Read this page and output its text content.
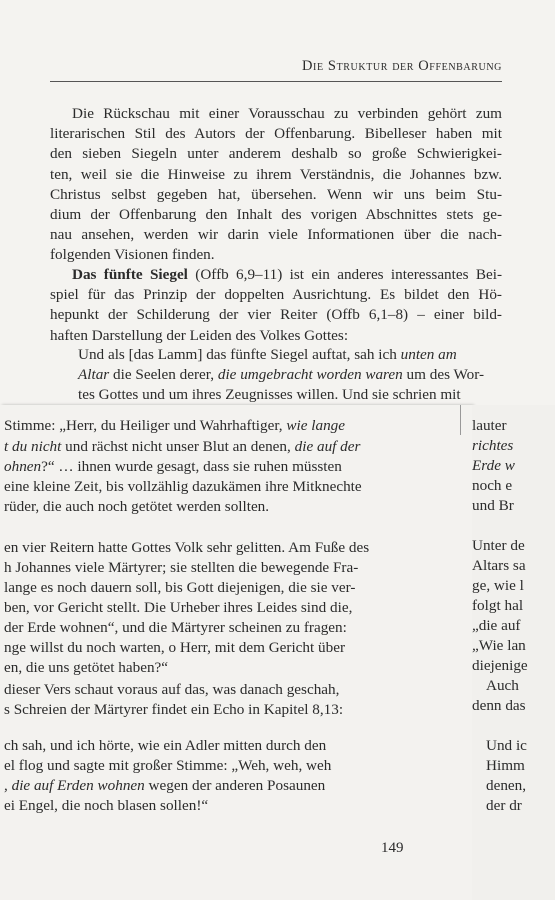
lauter
richtes
Erde w
noch e
und Br
Unter de
Altars sa
ge, wie l
folgt hal
„die auf
„Wie lan
diejenige
Auch
denn das
Und ic
Himm
denen,
der dr
Die Struktur der Offenbarung

Die Rückschau mit einer Vorausschau zu verbinden gehört zum
literarischen Stil des Autors der Offenbarung. Bibelleser haben mit
den sieben Siegeln unter anderem deshalb so große Schwierigkei-
ten, weil sie die Hinweise zu ihrem Verständnis, die Johannes bzw.
Christus selbst gegeben hat, übersehen. Wenn wir uns beim Stu-
dium der Offenbarung den Inhalt des vorigen Abschnittes stets ge-
nau ansehen, werden wir darin viele Informationen über die nach-
folgenden Visionen finden.

Das fünfte Siegel (Offb 6,9–11) ist ein anderes interessantes Bei-
spiel für das Prinzip der doppelten Ausrichtung. Es bildet den Hö-
hepunkt der Schilderung der vier Reiter (Offb 6,1–8) – einer bild-
haften Darstellung der Leiden des Volkes Gottes:

Und als [das Lamm] das fünfte Siegel auftat, sah ich unten am
Altar die Seelen derer, die umgebracht worden waren um des Wor-
tes Gottes und um ihres Zeugnisses willen. Und sie schrien mit
Stimme: „Herr, du Heiliger und Wahrhaftiger, wie lange
t du nicht und rächst nicht unser Blut an denen, die auf der
ohnen?“ … ihnen wurde gesagt, dass sie ruhen müssten
eine kleine Zeit, bis vollzählig dazukämen ihre Mitknechte
rüder, die auch noch getötet werden sollten.
en vier Reitern hatte Gottes Volk sehr gelitten. Am Fuße des
h Johannes viele Märtyrer; sie stellten die bewegende Fra-
lange es noch dauern soll, bis Gott diejenigen, die sie ver-
ben, vor Gericht stellt. Die Urheber ihres Leides sind die,
der Erde wohnen“, und die Märtyrer scheinen zu fragen:
nge willst du noch warten, o Herr, mit dem Gericht über
en, die uns getötet haben?“
dieser Vers schaut voraus auf das, was danach geschah,
s Schreien der Märtyrer findet ein Echo in Kapitel 8,13:
ch sah, und ich hörte, wie ein Adler mitten durch den
el flog und sagte mit großer Stimme: „Weh, weh, weh
, die auf Erden wohnen wegen der anderen Posaunen
ei Engel, die noch blasen sollen!“
149
